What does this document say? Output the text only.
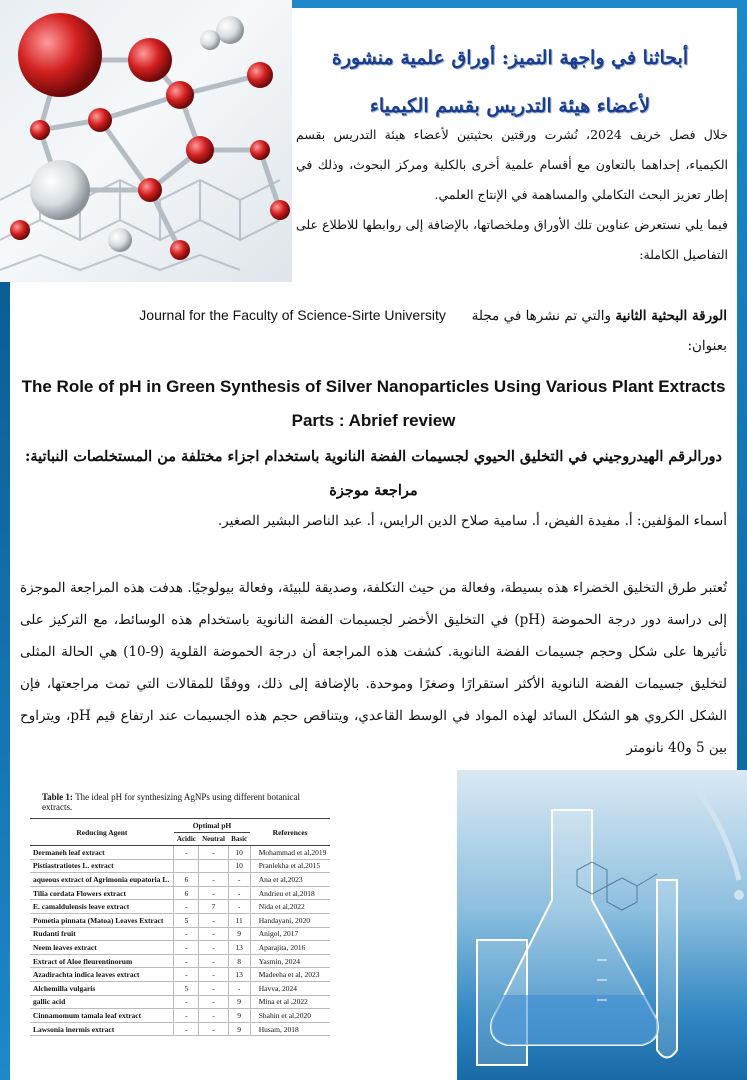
أبحاثنا في واجهة التميز: أوراق علمية منشورة
لأعضاء هيئة التدريس بقسم الكيمياء
خلال فصل خريف 2024، نُشرت ورقتين بحثيتين لأعضاء هيئة التدريس بقسم الكيمياء، إحداهما بالتعاون مع أقسام علمية أخرى بالكلية ومركز البحوث، وذلك في إطار تعزيز البحث التكاملي والمساهمة في الإنتاج العلمي.
فيما يلي نستعرض عناوين تلك الأوراق وملخصاتها، بالإضافة إلى روابطها للاطلاع على التفاصيل الكاملة:
الورقة البحثية الثانية والتي تم نشرها في مجلة      Journal for the Faculty of Science-Sirte University
بعنوان:
The Role of pH in Green Synthesis of Silver Nanoparticles Using Various Plant Extracts Parts : Abrief review
دورالرقم الهيدروجيني في التخليق الحيوي لجسيمات الفضة النانوية باستخدام اجزاء مختلفة من المستخلصات النباتية: مراجعة موجزة
أسماء المؤلفين: أ. مفيدة الفيض، أ. سامية صلاح الدين الرايس، أ. عبد الناصر البشير الصغير.
تُعتبر طرق التخليق الخضراء هذه بسيطة، وفعالة من حيث التكلفة، وصديقة للبيئة، وفعالة بيولوجيًا. هدفت هذه المراجعة الموجزة إلى دراسة دور درجة الحموضة (pH) في التخليق الأخضر لجسيمات الفضة النانوية باستخدام هذه الوسائط، مع التركيز على تأثيرها على شكل وحجم جسيمات الفضة النانوية. كشفت هذه المراجعة أن درجة الحموضة القلوية (9-10) هي الحالة المثلى لتخليق جسيمات الفضة النانوية الأكثر استقرارًا وصغرًا وموحدة. بالإضافة إلى ذلك، ووفقًا للمقالات التي تمت مراجعتها، فإن الشكل الكروي هو الشكل السائد لهذه المواد في الوسط القاعدي، ويتناقص حجم هذه الجسيمات عند ارتفاع قيم pH، ويتراوح بين 5 و40 نانومتر
Table 1: The ideal pH for synthesizing AgNPs using different botanical extracts.
Reducing Agent	Optimal pH			References
	Acidic	Neutral	Basic	
Dermaneh leaf extract	-	-	10	Mohammad et al,2019
Pistiastratiotes L. extract			10	Pranlekha et al,2015
aqueous extract of Agrimonia eupatoria L.	6	-	-	Ana et al,2023
Tilia cordata Flowers extract	6	-	-	Andrieu et al,2018
E. camaldulensis leave extract	-	7	-	Nida et al,2022
Pometia pinnata (Matoa) Leaves Extract	5	-	11	Handayani, 2020
Rudanti fruit	-	-	9	Anigol, 2017
Neem leaves extract	-	-	13	Aparajita, 2016
Extract of Aloe fleurentinorum	-	-	8	Yasmin, 2024
Azadirachta indica leaves extract	-	-	13	Madeeha et al, 2023
Alchemilla vulgaris	5	-	-	Havva, 2024
gallic acid	-	-	9	Mina et al ,2022
Cinnamomum tamala leaf extract	-	-	9	Shahin et al,2020
Lawsonia inermis extract	-	-	9	Husam, 2018
